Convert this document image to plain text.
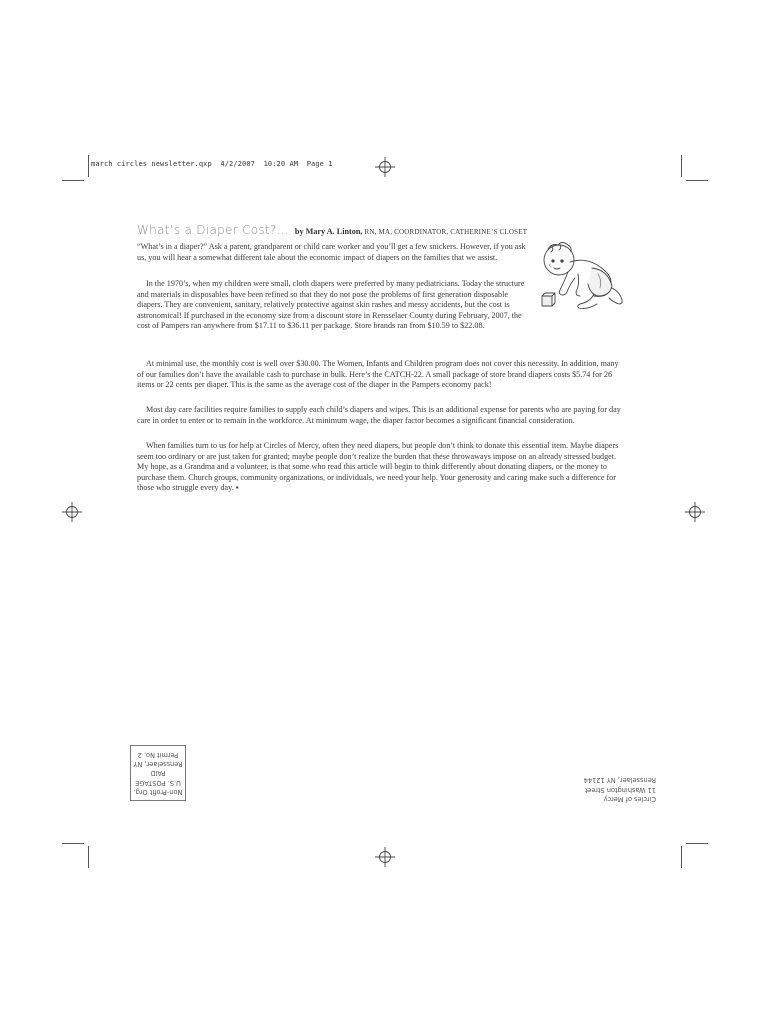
march circles newsletter.qxp  4/2/2007  10:20 AM  Page 1
What’s a Diaper Cost?… by Mary A. Linton, RN, MA, COORDINATOR, CATHERINE’S CLOSET

“What’s in a diaper?” Ask a parent, grandparent or child care worker and you’ll get a few snickers. However, if you ask us, you will hear a somewhat different tale about the economic impact of diapers on the families that we assist.

In the 1970’s, when my children were small, cloth diapers were preferred by many pediatricians. Today the structure and materials in disposables have been refined so that they do not pose the problems of first generation disposable diapers. They are convenient, sanitary, relatively protective against skin rashes and messy accidents, but the cost is astronomical! If purchased in the economy size from a discount store in Rensselaer County during February, 2007, the cost of Pampers ran anywhere from $17.11 to $36.11 per package. Store brands ran from $10.59 to $22.08.

At minimal use, the monthly cost is well over $30.00. The Women, Infants and Children program does not cover this necessity. In addition, many of our families don’t have the available cash to purchase in bulk. Here’s the CATCH-22. A small package of store brand diapers costs $5.74 for 26 items or 22 cents per diaper. This is the same as the average cost of the diaper in the Pampers economy pack!

Most day care facilities require families to supply each child’s diapers and wipes. This is an additional expense for parents who are paying for day care in order to enter or to remain in the workforce. At minimum wage, the diaper factor becomes a significant financial consideration.

When families turn to us for help at Circles of Mercy, often they need diapers, but people don’t think to donate this essential item. Maybe diapers seem too ordinary or are just taken for granted; maybe people don’t realize the burden that these throwaways impose on an already stressed budget. My hope, as a Grandma and a volunteer, is that some who read this article will begin to think differently about donating diapers, or the money to purchase them. Church groups, community organizations, or individuals, we need your help. Your generosity and caring make such a difference for those who struggle every day. ▪

Non-Profit Org.
U.S. POSTAGE
PAID
Rensselaer, NY
Permit No. 2
Circles of Mercy
11 Washington Street
Rensselaer, NY 12144
